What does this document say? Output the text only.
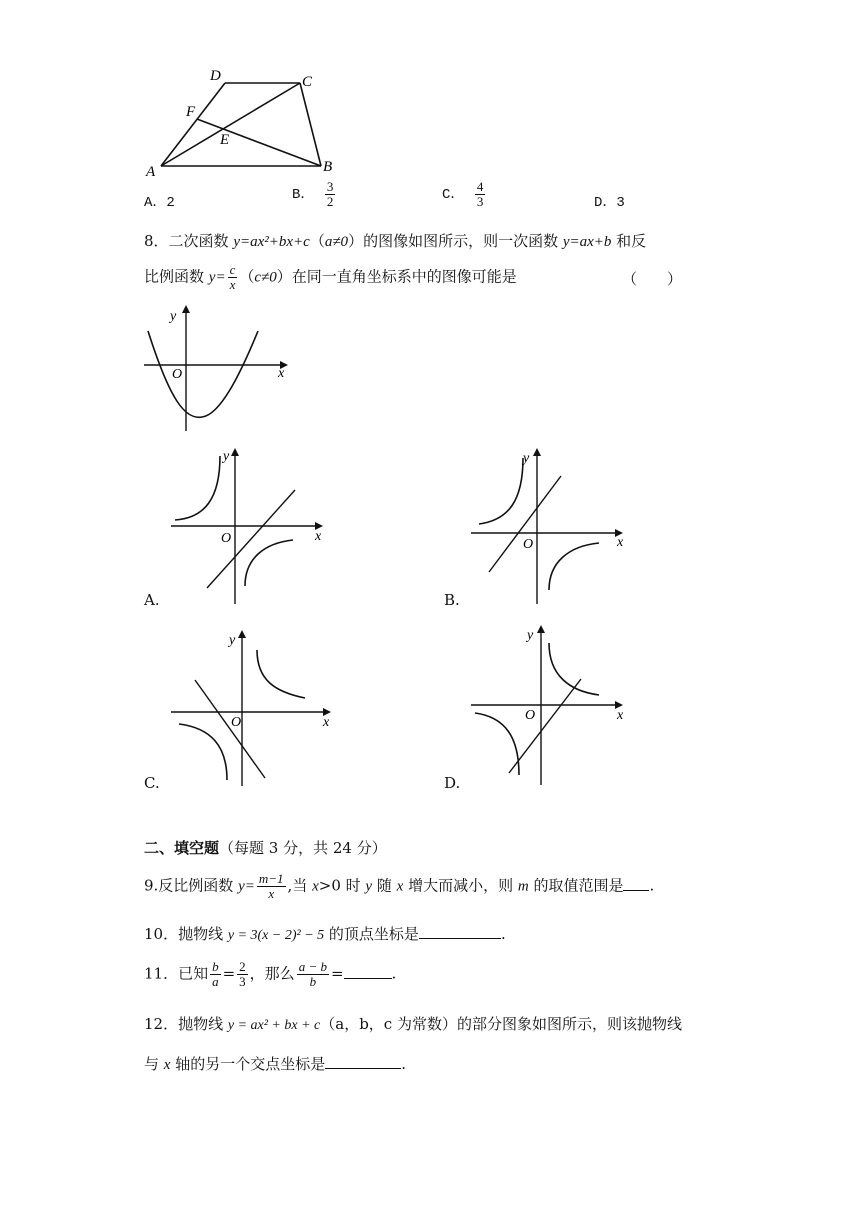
D	C
F
E
A	B
A．2	B． $\frac{3}{2}$	C． $\frac{4}{3}$	D．3
8．二次函数 y=ax²+bx+c（a≠0）的图像如图所示，则一次函数 y=ax+b 和反
比例函数 $y= \frac{c}{x} (c\ne 0)$在同一直角坐标系中的图像可能是	（　　）
y
x
O
y
x
O
A.
y
x
O
B.
y
x
O
C.
y
x
O
D.
二、填空题（每题 3 分，共 24 分）
9.反比例函数 $y= \frac{m-1}{x}$ ,当 x>0 时 y 随 x 增大而减小，则 m 的取值范围是 .
10．抛物线 y = 3(x − 2)² − 5 的顶点坐标是	.
11．已知 $\frac{b}{a} = \frac{2}{3}$ ，那么 $\frac{a - b}{b}$ =	.
12．抛物线 y = ax² + bx + c（a，b，c 为常数）的部分图象如图所示，则该抛物线
与 x 轴的另一个交点坐标是	.
